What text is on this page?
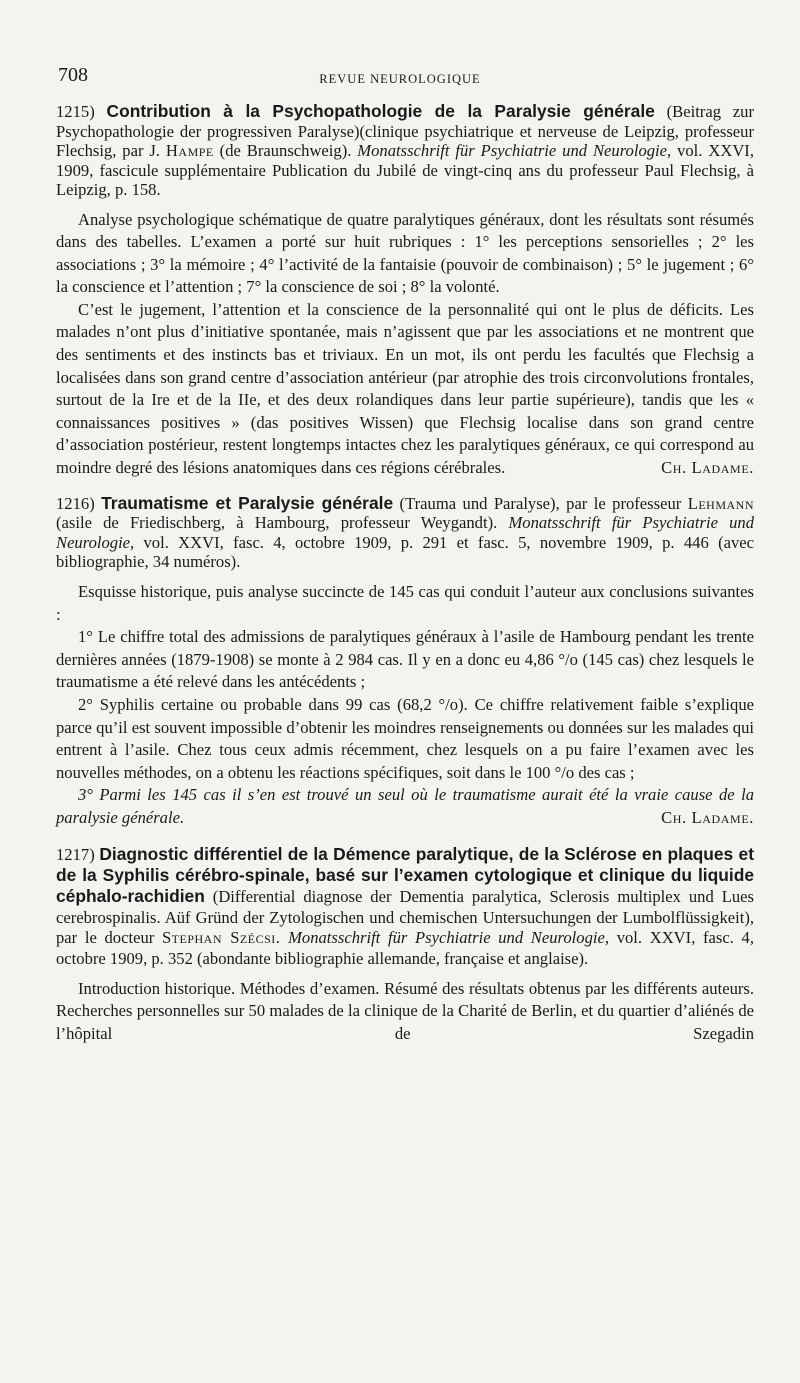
708	REVUE NEUROLOGIQUE

1215) Contribution à la Psychopathologie de la Paralysie générale (Beitrag zur Psychopathologie der progressiven Paralyse)(clinique psychiatrique et nerveuse de Leipzig, professeur Flechsig, par J. Hampe (de Braunschweig). Monatsschrift für Psychiatrie und Neurologie, vol. XXVI, 1909, fascicule supplémentaire Publication du Jubilé de vingt-cinq ans du professeur Paul Flechsig, à Leipzig, p. 158.

Analyse psychologique schématique de quatre paralytiques généraux, dont les résultats sont résumés dans des tabelles. L’examen a porté sur huit rubriques : 1° les perceptions sensorielles ; 2° les associations ; 3° la mémoire ; 4° l’activité de la fantaisie (pouvoir de combinaison) ; 5° le jugement ; 6° la conscience et l’attention ; 7° la conscience de soi ; 8° la volonté.

C’est le jugement, l’attention et la conscience de la personnalité qui ont le plus de déficits. Les malades n’ont plus d’initiative spontanée, mais n’agissent que par les associations et ne montrent que des sentiments et des instincts bas et triviaux. En un mot, ils ont perdu les facultés que Flechsig a localisées dans son grand centre d’association antérieur (par atrophie des trois circonvolutions frontales, surtout de la Ire et de la IIe, et des deux rolandiques dans leur partie supérieure), tandis que les « connaissances positives » (das positives Wissen) que Flechsig localise dans son grand centre d’association postérieur, restent longtemps intactes chez les paralytiques généraux, ce qui correspond au moindre degré des lésions anatomiques dans ces régions cérébrales.	Ch. Ladame.

1216) Traumatisme et Paralysie générale (Trauma und Paralyse), par le professeur Lehmann (asile de Friedischberg, à Hambourg, professeur Weygandt). Monatsschrift für Psychiatrie und Neurologie, vol. XXVI, fasc. 4, octobre 1909, p. 291 et fasc. 5, novembre 1909, p. 446 (avec bibliographie, 34 numéros).

Esquisse historique, puis analyse succincte de 145 cas qui conduit l’auteur aux conclusions suivantes :

1° Le chiffre total des admissions de paralytiques généraux à l’asile de Hambourg pendant les trente dernières années (1879-1908) se monte à 2 984 cas. Il y en a donc eu 4,86 °/o (145 cas) chez lesquels le traumatisme a été relevé dans les antécédents ;

2° Syphilis certaine ou probable dans 99 cas (68,2 °/o). Ce chiffre relativement faible s’explique parce qu’il est souvent impossible d’obtenir les moindres renseignements ou données sur les malades qui entrent à l’asile. Chez tous ceux admis récemment, chez lesquels on a pu faire l’examen avec les nouvelles méthodes, on a obtenu les réactions spécifiques, soit dans le 100 °/o des cas ;

3° Parmi les 145 cas il s’en est trouvé un seul où le traumatisme aurait été la vraie cause de la paralysie générale.	Ch. Ladame.

1217) Diagnostic différentiel de la Démence paralytique, de la Sclérose en plaques et de la Syphilis cérébro-spinale, basé sur l’examen cytologique et clinique du liquide céphalo-rachidien (Differential diagnose der Dementia paralytica, Sclerosis multiplex und Lues cerebrospinalis. Aüf Gründ der Zytologischen und chemischen Untersuchungen der Lumbolflüssigkeit), par le docteur Stephan Szécsi. Monatsschrift für Psychiatrie und Neurologie, vol. XXVI, fasc. 4, octobre 1909, p. 352 (abondante bibliographie allemande, française et anglaise).

Introduction historique. Méthodes d’examen. Résumé des résultats obtenus par les différents auteurs. Recherches personnelles sur 50 malades de la clinique de la Charité de Berlin, et du quartier d’aliénés de l’hôpital de Szegadin
